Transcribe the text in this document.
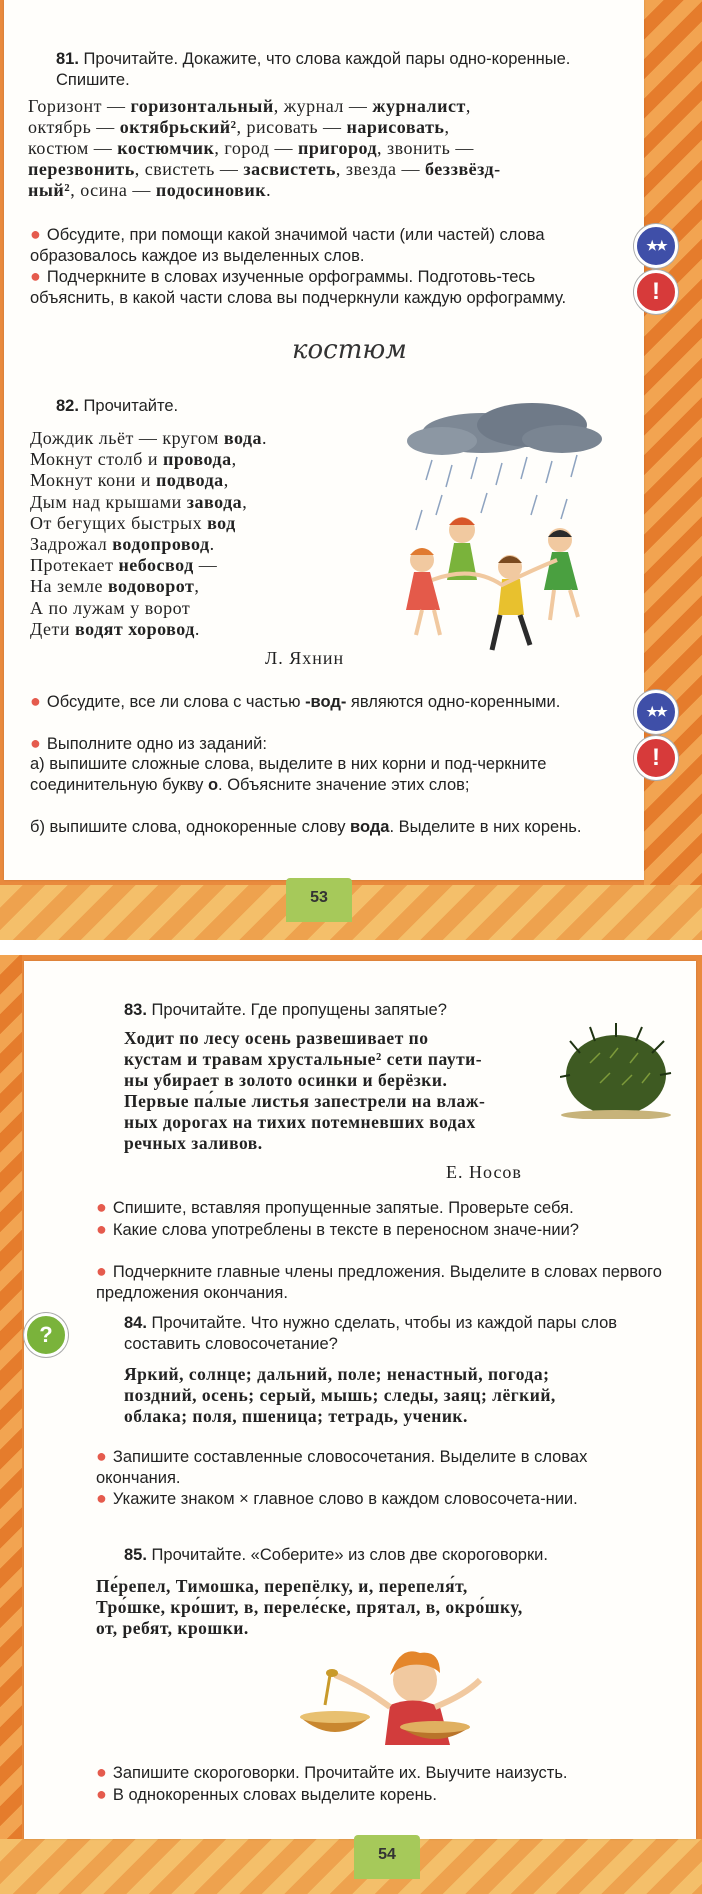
81. Прочитайте. Докажите, что слова каждой пары одно-коренные. Спишите.
Горизонт — горизонтальный, журнал — журналист,
октябрь — октябрьский², рисовать — нарисовать,
костюм — костюмчик, город — пригород, звонить —
перезвонить, свистеть — засвистеть, звезда — беззвёзд-
ный², осина — подосиновик.
● Обсудите, при помощи какой значимой части (или частей) слова образовалось каждое из выделенных слов.
● Подчеркните в словах изученные орфограммы. Подготовь-тесь объяснить, в какой части слова вы подчеркнули каждую орфограмму.
★★
!
костюм
82. Прочитайте.
Дождик льёт — кругом вода.
Мокнут столб и провода,
Мокнут кони и подвода,
Дым над крышами завода,
От бегущих быстрых вод
Задрожал водопровод.
Протекает небосвод —
На земле водоворот,
А по лужам у ворот
Дети водят хоровод.
Л. Яхнин
● Обсудите, все ли слова с частью -вод- являются одно-коренными.
● Выполните одно из заданий:
а) выпишите сложные слова, выделите в них корни и под-черкните соединительную букву о. Объясните значение этих слов;
б) выпишите слова, однокоренные слову вода. Выделите в них корень.
★★
!
53
83. Прочитайте. Где пропущены запятые?
Ходит по лесу осень развешивает по
кустам и травам хрустальные² сети паути-
ны убирает в золото осинки и берёзки.
Первые па́лые листья запестрели на влаж-
ных дорогах на тихих потемневших водах
речных заливов.
Е. Носов
● Спишите, вставляя пропущенные запятые. Проверьте себя.
● Какие слова употреблены в тексте в переносном значе-нии?
● Подчеркните главные члены предложения. Выделите в словах первого предложения окончания.
?	84. Прочитайте. Что нужно сделать, чтобы из каждой пары слов составить словосочетание?
Яркий, солнце; дальний, поле; ненастный, погода;
поздний, осень; серый, мышь; следы, заяц; лёгкий,
облака; поля, пшеница; тетрадь, ученик.
● Запишите составленные словосочетания. Выделите в словах окончания.
● Укажите знаком × главное слово в каждом словосочета-нии.
85. Прочитайте. «Соберите» из слов две скороговорки.
Пе́репел, Тимошка, перепёлку, и, перепеля́т,
Тро́шке, кро́шит, в, переле́ске, прятал, в, окро́шку,
от, ребят, крошки.
● Запишите скороговорки. Прочитайте их. Выучите наизусть.
● В однокоренных словах выделите корень.
54
